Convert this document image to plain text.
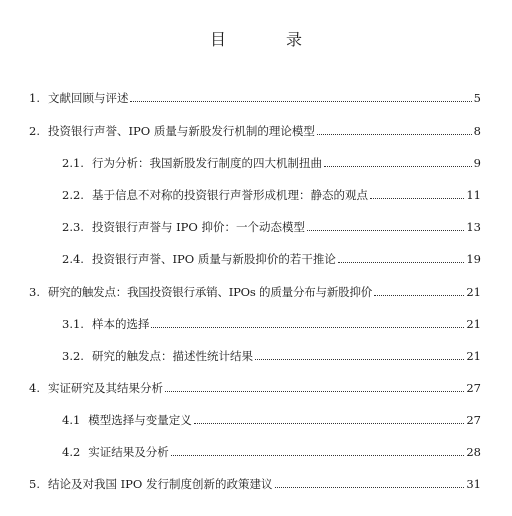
目　录
1. 文献回顾与评述	5
2. 投资银行声誉、IPO 质量与新股发行机制的理论模型	8
2.1. 行为分析：我国新股发行制度的四大机制扭曲	9
2.2. 基于信息不对称的投资银行声誉形成机理：静态的观点	11
2.3. 投资银行声誉与 IPO 抑价：一个动态模型	13
2.4. 投资银行声誉、IPO 质量与新股抑价的若干推论	19
3. 研究的触发点：我国投资银行承销、IPOs 的质量分布与新股抑价	21
3.1. 样本的选择	21
3.2. 研究的触发点：描述性统计结果	21
4. 实证研究及其结果分析	27
4.1 模型选择与变量定义	27
4.2 实证结果及分析	28
5. 结论及对我国 IPO 发行制度创新的政策建议	31
